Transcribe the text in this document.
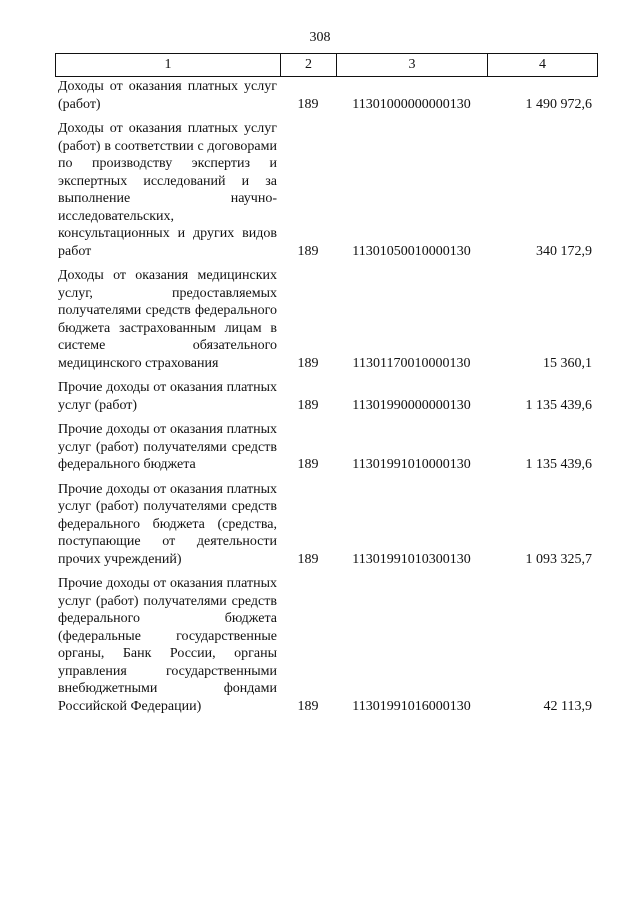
308
1	2	3	4
Доходы от оказания платных услуг (работ)	189	11301000000000130	1 490 972,6
Доходы от оказания платных услуг (работ) в соответствии с договорами по производству экспертиз и экспертных исследований и за выполнение научно-исследовательских, консультационных и других видов работ	189	11301050010000130	340 172,9
Доходы от оказания медицинских услуг, предоставляемых получателями средств федерального бюджета застрахованным лицам в системе обязательного медицинского страхования	189	11301170010000130	15 360,1
Прочие доходы от оказания платных услуг (работ)	189	11301990000000130	1 135 439,6
Прочие доходы от оказания платных услуг (работ) получателями средств федерального бюджета	189	11301991010000130	1 135 439,6
Прочие доходы от оказания платных услуг (работ) получателями средств федерального бюджета (средства, поступающие от деятельности прочих учреждений)	189	11301991010300130	1 093 325,7
Прочие доходы от оказания платных услуг (работ) получателями средств федерального бюджета (федеральные государственные органы, Банк России, органы управления государственными внебюджетными фондами Российской Федерации)	189	11301991016000130	42 113,9
